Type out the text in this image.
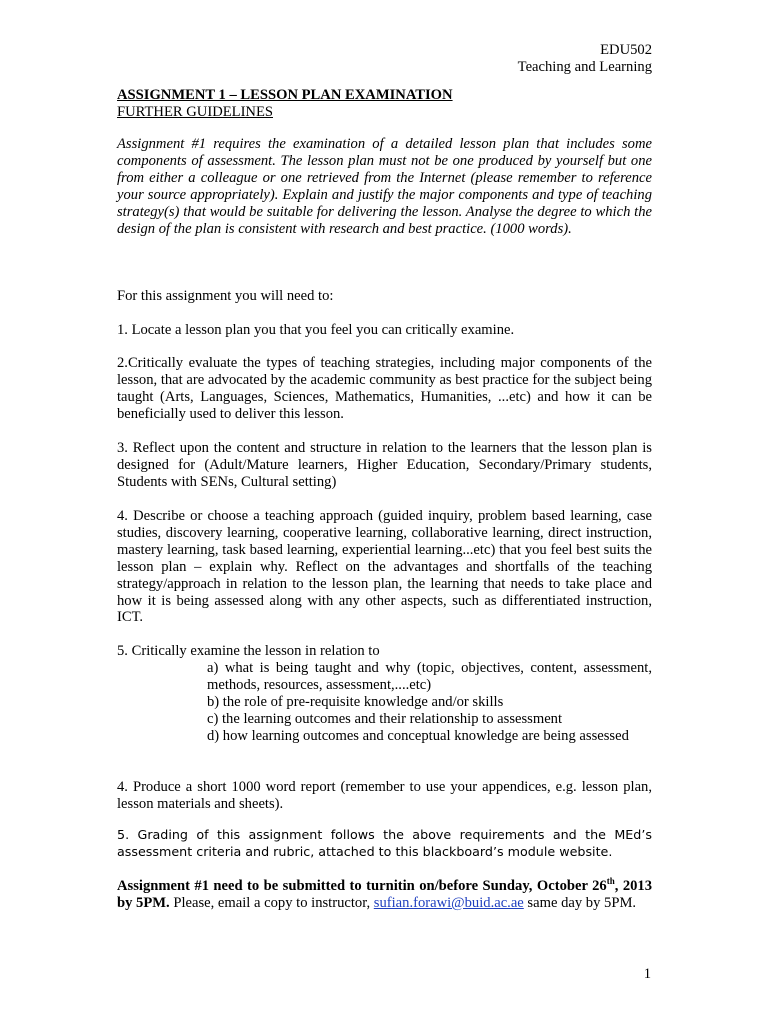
EDU502
Teaching and Learning
ASSIGNMENT 1 – LESSON PLAN EXAMINATION
FURTHER GUIDELINES
Assignment #1 requires the examination of a detailed lesson plan that includes some components of assessment. The lesson plan must not be one produced by yourself but one from either a colleague or one retrieved from the Internet (please remember to reference your source appropriately). Explain and justify the major components and type of teaching strategy(s) that would be suitable for delivering the lesson. Analyse the degree to which the design of the plan is consistent with research and best practice. (1000 words).
For this assignment you will need to:
1. Locate a lesson plan you that you feel you can critically examine.
2.Critically evaluate the types of teaching strategies, including major components of the lesson, that are advocated by the academic community as best practice for the subject being taught (Arts, Languages, Sciences, Mathematics, Humanities, ...etc) and how it can be beneficially used to deliver this lesson.
3. Reflect upon the content and structure in relation to the learners that the lesson plan is designed for (Adult/Mature learners, Higher Education, Secondary/Primary students, Students with SENs, Cultural setting)
4. Describe or choose a teaching approach (guided inquiry, problem based learning, case studies, discovery learning, cooperative learning, collaborative learning, direct instruction, mastery learning, task based learning, experiential learning...etc) that you feel best suits the lesson plan – explain why. Reflect on the advantages and shortfalls of the teaching strategy/approach in relation to the lesson plan, the learning that needs to take place and how it is being assessed along with any other aspects, such as differentiated instruction, ICT.
5. Critically examine the lesson in relation to
a) what is being taught and why (topic, objectives, content, assessment, methods, resources, assessment,....etc)
b) the role of pre-requisite knowledge and/or skills
c) the learning outcomes and their relationship to assessment
d) how learning outcomes and conceptual knowledge are being assessed
4. Produce a short 1000 word report (remember to use your appendices, e.g. lesson plan, lesson materials and sheets).
5. Grading of this assignment follows the above requirements and the MEd’s assessment criteria and rubric, attached to this blackboard’s module website.
Assignment #1 need to be submitted to turnitin on/before Sunday, October 26th, 2013 by 5PM. Please, email a copy to instructor, sufian.forawi@buid.ac.ae same day by 5PM.
1
